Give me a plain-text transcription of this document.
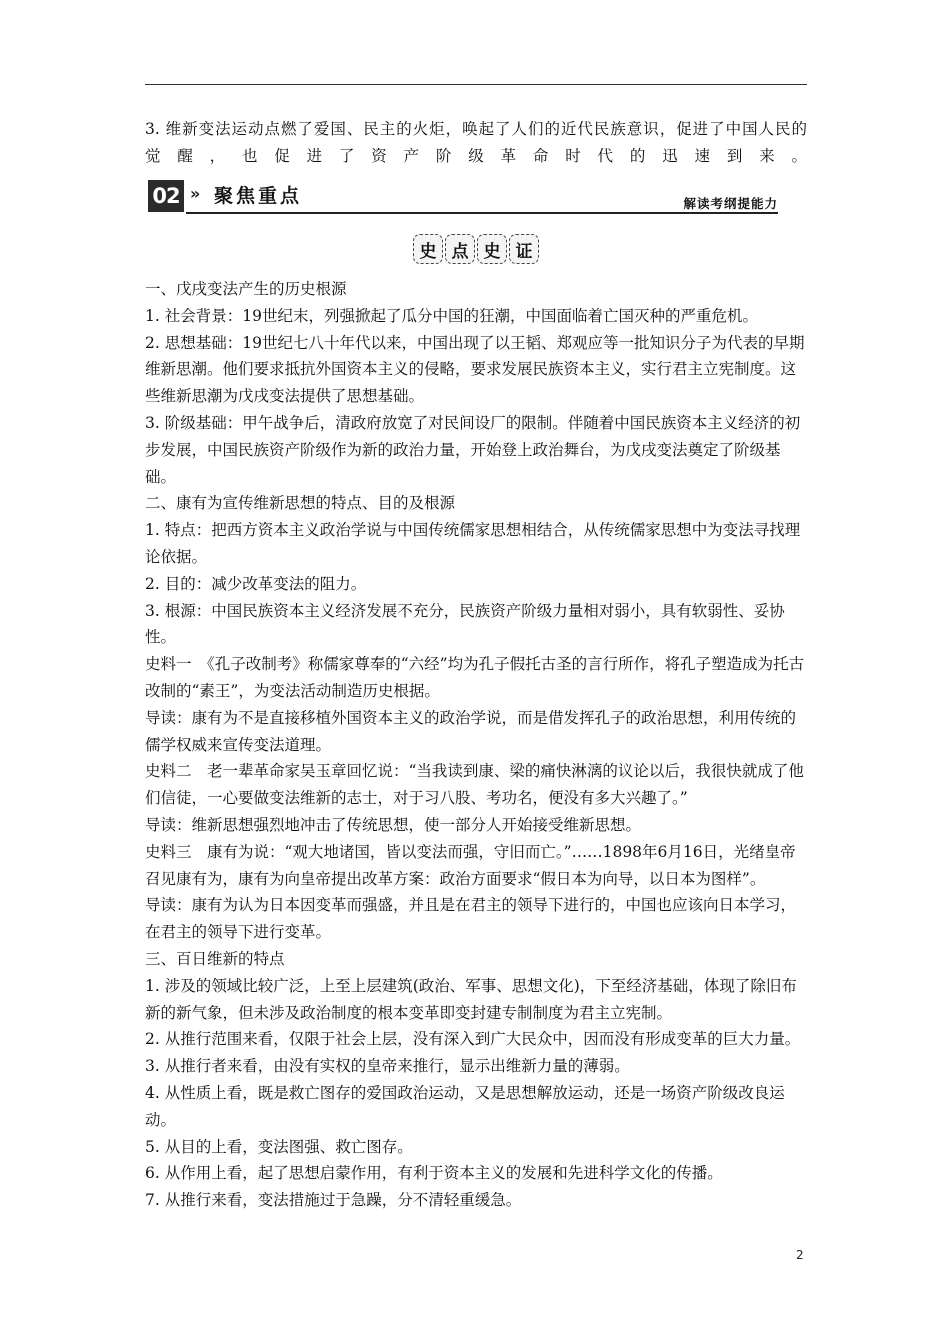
3. 维新变法运动点燃了爱国、民主的火炬，唤起了人们的近代民族意识，促进了中国人民的
觉醒，也促进了资产阶级革命时代的迅速到来。
02 » 聚焦重点	解读考纲提能力
史 点 史 证

一、戊戌变法产生的历史根源

1. 社会背景：19世纪末，列强掀起了瓜分中国的狂潮，中国面临着亡国灭种的严重危机。

2. 思想基础：19世纪七八十年代以来，中国出现了以王韬、郑观应等一批知识分子为代表的早期维新思潮。他们要求抵抗外国资本主义的侵略，要求发展民族资本主义，实行君主立宪制度。这些维新思潮为戊戌变法提供了思想基础。

3. 阶级基础：甲午战争后，清政府放宽了对民间设厂的限制。伴随着中国民族资本主义经济的初步发展，中国民族资产阶级作为新的政治力量，开始登上政治舞台，为戊戌变法奠定了阶级基础。

二、康有为宣传维新思想的特点、目的及根源

1. 特点：把西方资本主义政治学说与中国传统儒家思想相结合，从传统儒家思想中为变法寻找理论依据。

2. 目的：减少改革变法的阻力。

3. 根源：中国民族资本主义经济发展不充分，民族资产阶级力量相对弱小，具有软弱性、妥协性。

史料一　《孔子改制考》称儒家尊奉的“六经”均为孔子假托古圣的言行所作，将孔子塑造成为托古改制的“素王”，为变法活动制造历史根据。

导读：康有为不是直接移植外国资本主义的政治学说，而是借发挥孔子的政治思想，利用传统的儒学权威来宣传变法道理。

史料二　老一辈革命家吴玉章回忆说：“当我读到康、梁的痛快淋漓的议论以后，我很快就成了他们信徒，一心要做变法维新的志士，对于习八股、考功名，便没有多大兴趣了。”

导读：维新思想强烈地冲击了传统思想，使一部分人开始接受维新思想。

史料三　康有为说：“观大地诸国，皆以变法而强，守旧而亡。”……1898年6月16日，光绪皇帝召见康有为，康有为向皇帝提出改革方案：政治方面要求“假日本为向导，以日本为图样”。

导读：康有为认为日本因变革而强盛，并且是在君主的领导下进行的，中国也应该向日本学习，在君主的领导下进行变革。

三、百日维新的特点

1. 涉及的领域比较广泛，上至上层建筑(政治、军事、思想文化)，下至经济基础，体现了除旧布新的新气象，但未涉及政治制度的根本变革即变封建专制制度为君主立宪制。

2. 从推行范围来看，仅限于社会上层，没有深入到广大民众中，因而没有形成变革的巨大力量。

3. 从推行者来看，由没有实权的皇帝来推行，显示出维新力量的薄弱。

4. 从性质上看，既是救亡图存的爱国政治运动，又是思想解放运动，还是一场资产阶级改良运动。

5. 从目的上看，变法图强、救亡图存。

6. 从作用上看，起了思想启蒙作用，有利于资本主义的发展和先进科学文化的传播。

7. 从推行来看，变法措施过于急躁，分不清轻重缓急。

2
